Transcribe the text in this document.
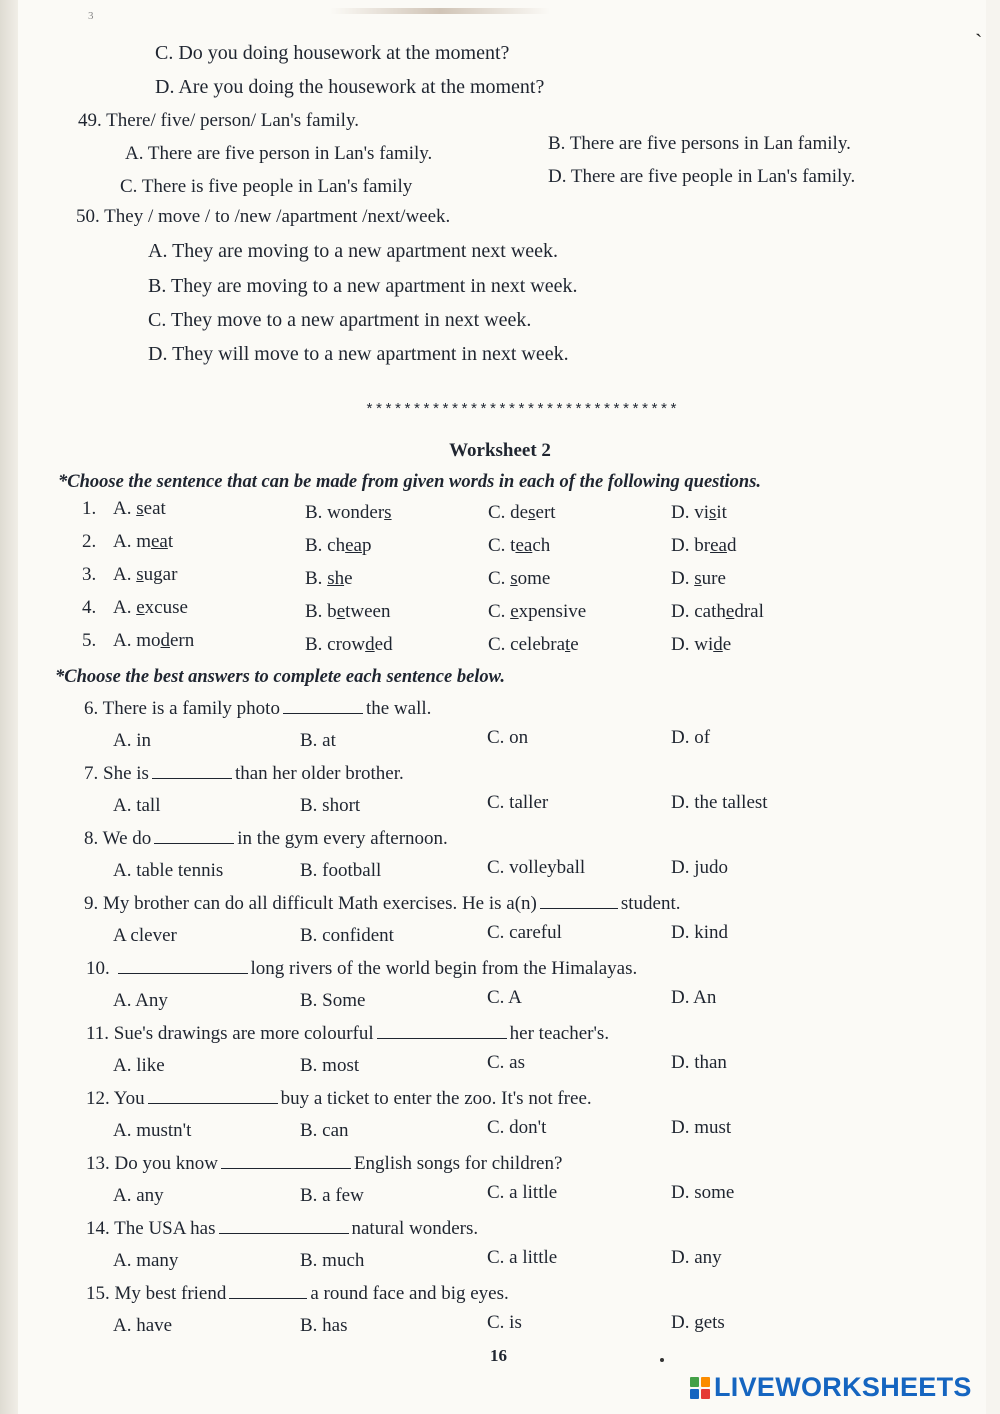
3	ˎ
C. Do you doing housework at the moment?
D. Are you doing the housework at the moment?
49. There/ five/ person/ Lan's family.
A. There are five person in Lan's family.	B. There are five persons in Lan family.
C. There is five people in Lan's family	D. There are five people in Lan's family.
50. They / move / to /new /apartment /next/week.
A. They are moving to a new apartment next week.
B. They are moving to a new apartment in next week.
C. They move to a new apartment in next week.
D. They will move to a new apartment in next week.
*********************************
Worksheet 2
*Choose the sentence that can be made from given words in each of the following questions.
1. A. seat	B. wonders	C. desert	D. visit
2. A. meat	B. cheap	C. teach	D. bread
3. A. sugar	B. she	C. some	D. sure
4. A. excuse	B. between	C. expensive	D. cathedral
5. A. modern	B. crowded	C. celebrate	D. wide
*Choose the best answers to complete each sentence below.
6. There is a family photo	the wall.
A. in	B. at	C. on	D. of
7. She is	than her older brother.
A. tall	B. short	C. taller	D. the tallest
8. We do	in the gym every afternoon.
A. table tennis	B. football	C. volleyball	D. judo
9. My brother can do all difficult Math exercises. He is a(n)	student.
A clever	B. confident	C. careful	D. kind
10.	long rivers of the world begin from the Himalayas.
A. Any	B. Some	C. A	D. An
11. Sue's drawings are more colourful	her teacher's.
A. like	B. most	C. as	D. than
12. You	buy a ticket to enter the zoo. It's not free.
A. mustn't	B. can	C. don't	D. must
13. Do you know	English songs for children?
A. any	B. a few	C. a little	D. some
14. The USA has	natural wonders.
A. many	B. much	C. a little	D. any
15. My best friend	a round face and big eyes.
A. have	B. has	C. is	D. gets
16
LIVEWORKSHEETS
